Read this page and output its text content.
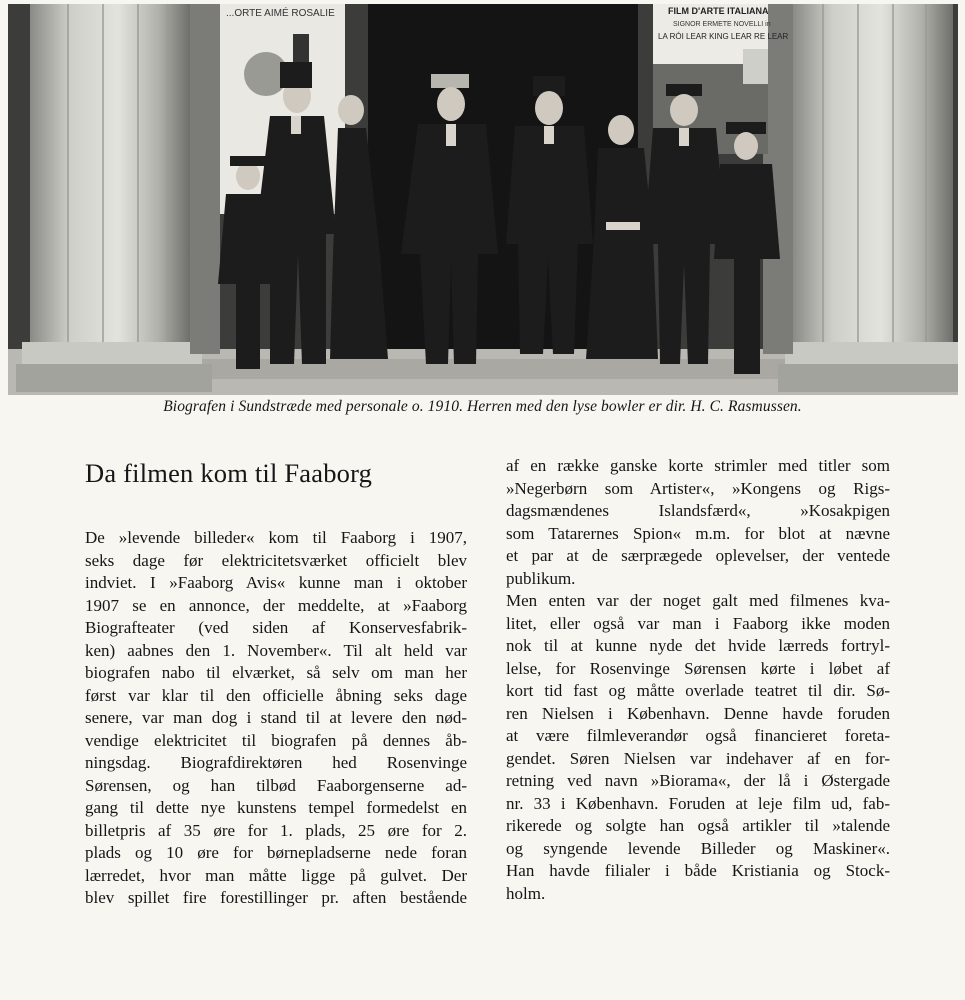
...ORTE AIMÉ ROSALIE	FILM D'ARTE ITALIANA
SIGNOR ERMETE NOVELLI in
LA RÓI LEAR KING LEAR RE LEAR
Biografen i Sundstræde med personale o. 1910. Herren med den lyse bowler er dir. H. C. Rasmussen.
Da filmen kom til Faaborg
De »levende billeder« kom til Faaborg i 1907,
seks dage før elektricitetsværket officielt blev
indviet. I »Faaborg Avis« kunne man i oktober
1907 se en annonce, der meddelte, at »Faaborg
Biografteater (ved siden af Konservesfabrik-
ken) aabnes den 1. November«. Til alt held var
biografen nabo til elværket, så selv om man her
først var klar til den officielle åbning seks dage
senere, var man dog i stand til at levere den nød-
vendige elektricitet til biografen på dennes åb-
ningsdag. Biografdirektøren hed Rosenvinge
Sørensen, og han tilbød Faaborgenserne ad-
gang til dette nye kunstens tempel formedelst en
billetpris af 35 øre for 1. plads, 25 øre for 2.
plads og 10 øre for børnepladserne nede foran
lærredet, hvor man måtte ligge på gulvet. Der
blev spillet fire forestillinger pr. aften bestående
af en række ganske korte strimler med titler som
»Negerbørn som Artister«, »Kongens og Rigs-
dagsmændenes Islandsfærd«, »Kosakpigen
som Tatarernes Spion« m.m. for blot at nævne
et par at de særprægede oplevelser, der ventede
publikum.
Men enten var der noget galt med filmenes kva-
litet, eller også var man i Faaborg ikke moden
nok til at kunne nyde det hvide lærreds fortryl-
lelse, for Rosenvinge Sørensen kørte i løbet af
kort tid fast og måtte overlade teatret til dir. Sø-
ren Nielsen i København. Denne havde foruden
at være filmleverandør også financieret foreta-
gendet. Søren Nielsen var indehaver af en for-
retning ved navn »Biorama«, der lå i Østergade
nr. 33 i København. Foruden at leje film ud, fab-
rikerede og solgte han også artikler til »talende
og syngende levende Billeder og Maskiner«.
Han havde filialer i både Kristiania og Stock-
holm.
